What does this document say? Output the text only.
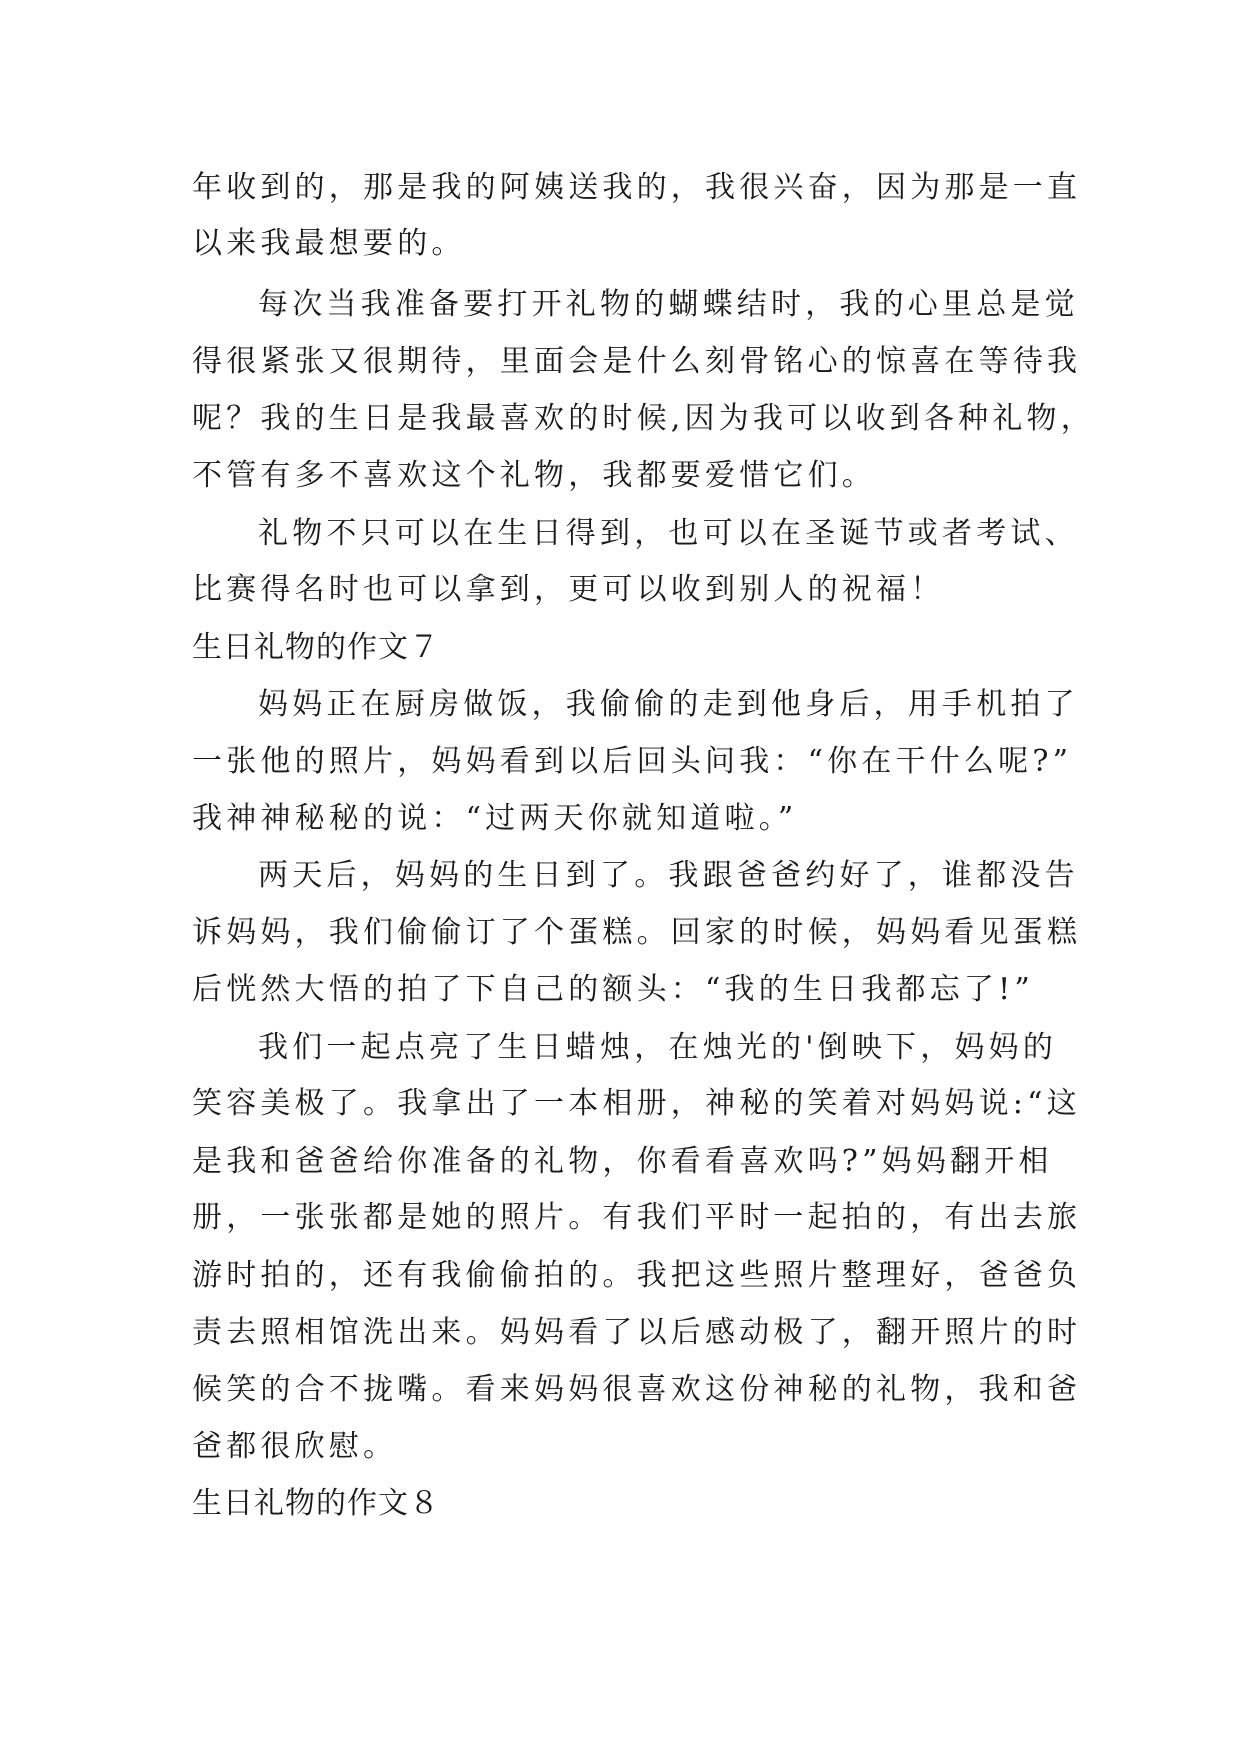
年收到的，那是我的阿姨送我的，我很兴奋，因为那是一直
以来我最想要的。
每次当我准备要打开礼物的蝴蝶结时，我的心里总是觉
得很紧张又很期待，里面会是什么刻骨铭心的惊喜在等待我
呢？我的生日是我最喜欢的时候,因为我可以收到各种礼物，
不管有多不喜欢这个礼物，我都要爱惜它们。
礼物不只可以在生日得到，也可以在圣诞节或者考试、
比赛得名时也可以拿到，更可以收到别人的祝福！
生日礼物的作文７
妈妈正在厨房做饭，我偷偷的走到他身后，用手机拍了
一张他的照片，妈妈看到以后回头问我：“你在干什么呢?”
我神神秘秘的说：“过两天你就知道啦。”
两天后，妈妈的生日到了。我跟爸爸约好了，谁都没告
诉妈妈，我们偷偷订了个蛋糕。回家的时候，妈妈看见蛋糕
后恍然大悟的拍了下自己的额头：“我的生日我都忘了!”
我们一起点亮了生日蜡烛，在烛光的'倒映下，妈妈的
笑容美极了。我拿出了一本相册，神秘的笑着对妈妈说:“这
是我和爸爸给你准备的礼物，你看看喜欢吗?”妈妈翻开相
册，一张张都是她的照片。有我们平时一起拍的，有出去旅
游时拍的，还有我偷偷拍的。我把这些照片整理好，爸爸负
责去照相馆洗出来。妈妈看了以后感动极了，翻开照片的时
候笑的合不拢嘴。看来妈妈很喜欢这份神秘的礼物，我和爸
爸都很欣慰。
生日礼物的作文８
